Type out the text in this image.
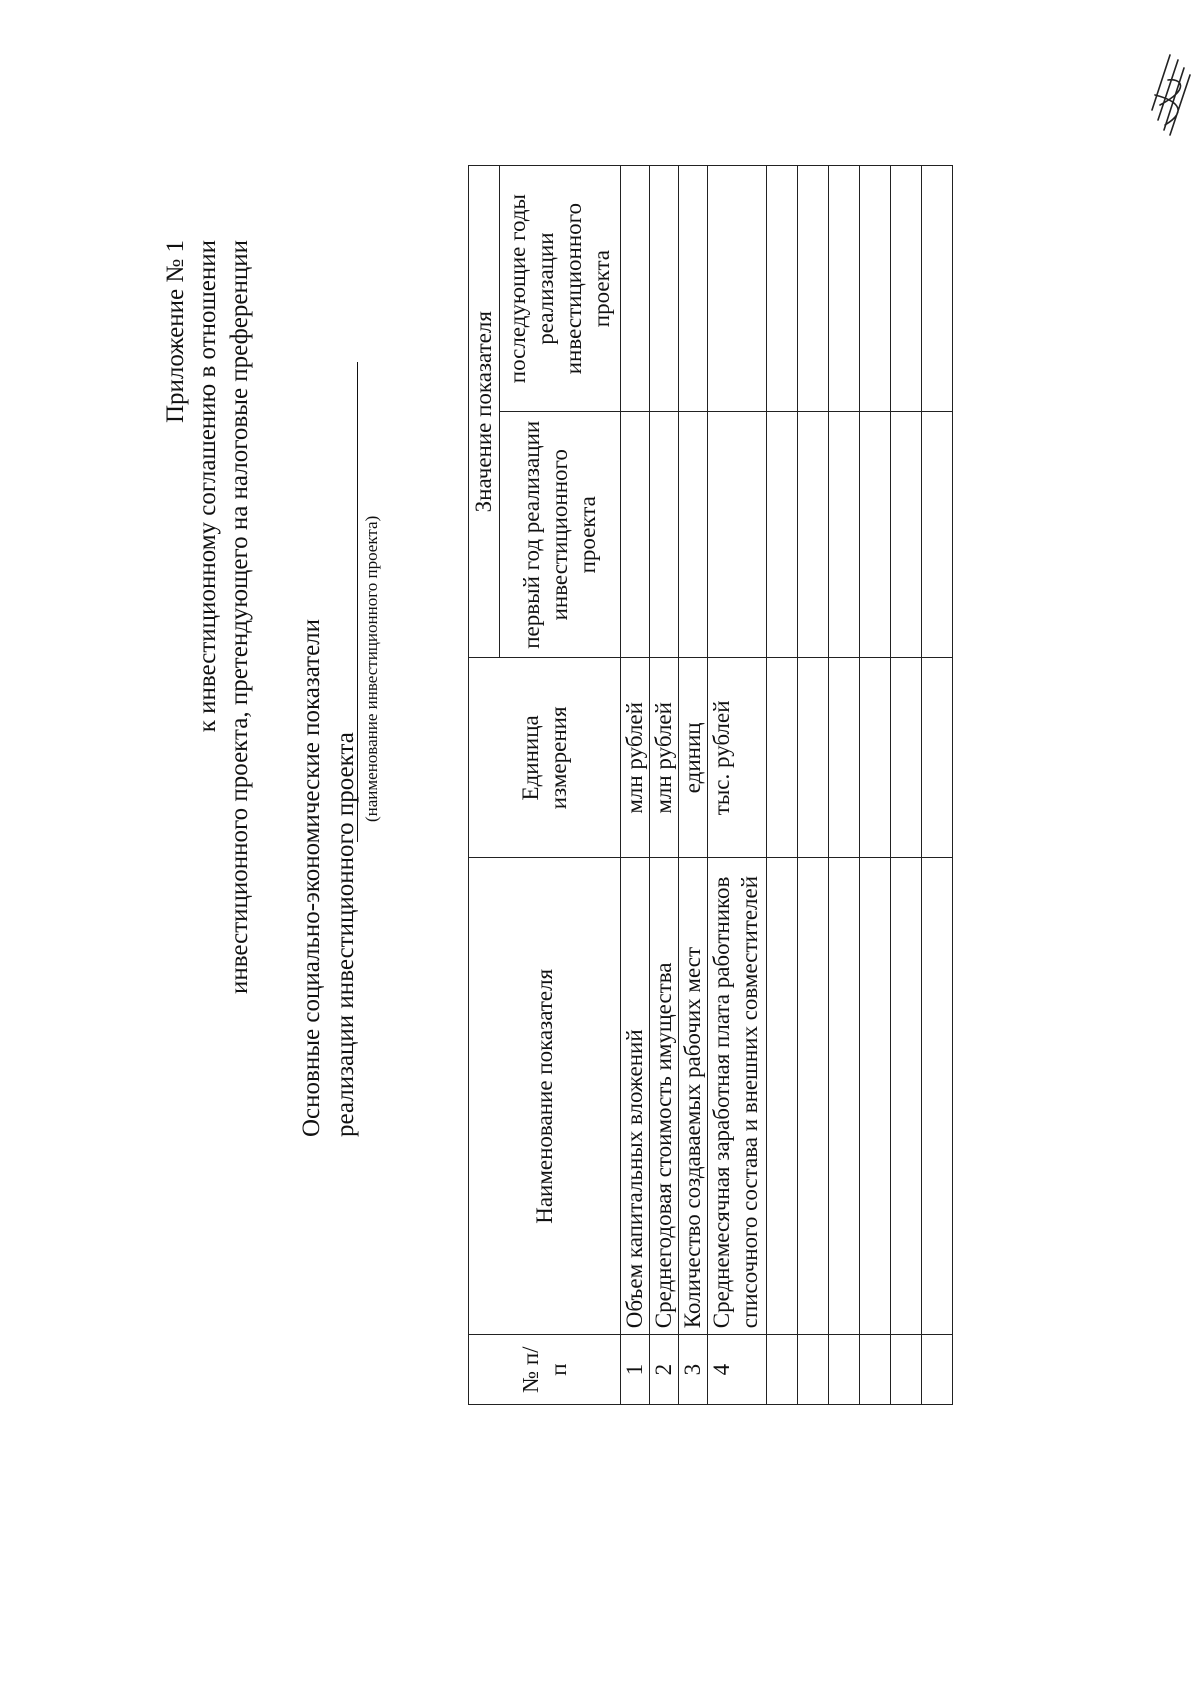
Приложение № 1 к инвестиционному соглашению в отношении инвестиционного проекта, претендующего на налоговые преференции Основные социально-экономические показатели реализации инвестиционного проекта
(наименование инвестиционного проекта)
№ п/п	Наименование показателя	Единица измерения	Значение показателя	
			первый год реализации инвестиционного проекта	последующие годы реализации инвестиционного проекта
1	Объем капитальных вложений	млн рублей		
2	Среднегодовая стоимость имущества	млн рублей		
3	Количество создаваемых рабочих мест	единиц		
4	Среднемесячная заработная плата работников списочного состава и внешних совместителей	тыс. рублей		
